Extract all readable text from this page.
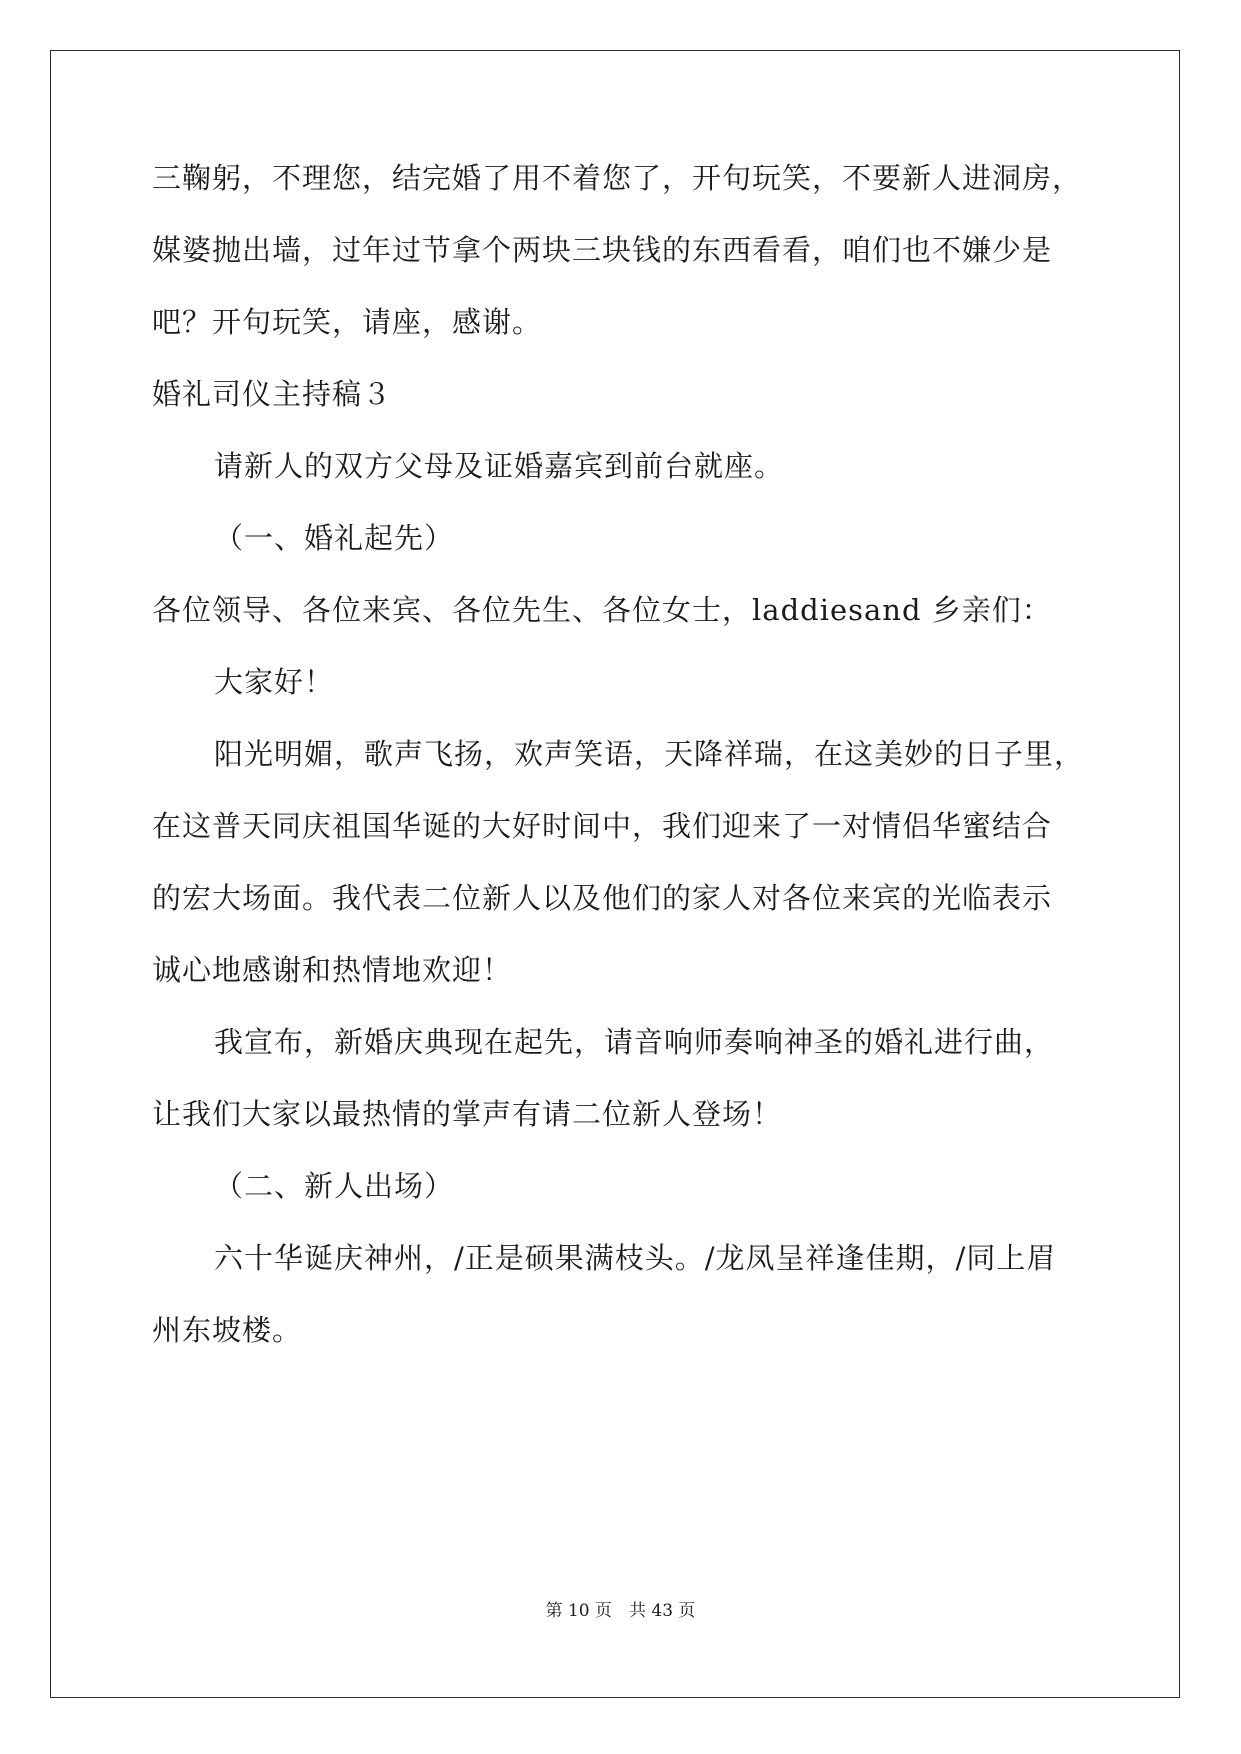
三鞠躬，不理您，结完婚了用不着您了，开句玩笑，不要新人进洞房，
媒婆抛出墙，过年过节拿个两块三块钱的东西看看，咱们也不嫌少是
吧？开句玩笑，请座，感谢。
婚礼司仪主持稿３
请新人的双方父母及证婚嘉宾到前台就座。
（一、婚礼起先）
各位领导、各位来宾、各位先生、各位女士，laddiesand 乡亲们：
大家好！
阳光明媚，歌声飞扬，欢声笑语，天降祥瑞，在这美妙的日子里，
在这普天同庆祖国华诞的大好时间中，我们迎来了一对情侣华蜜结合
的宏大场面。我代表二位新人以及他们的家人对各位来宾的光临表示
诚心地感谢和热情地欢迎！
我宣布，新婚庆典现在起先，请音响师奏响神圣的婚礼进行曲，
让我们大家以最热情的掌声有请二位新人登场！
（二、新人出场）
六十华诞庆神州，/正是硕果满枝头。/龙凤呈祥逢佳期，/同上眉
州东坡楼。
第 10 页　共 43 页
